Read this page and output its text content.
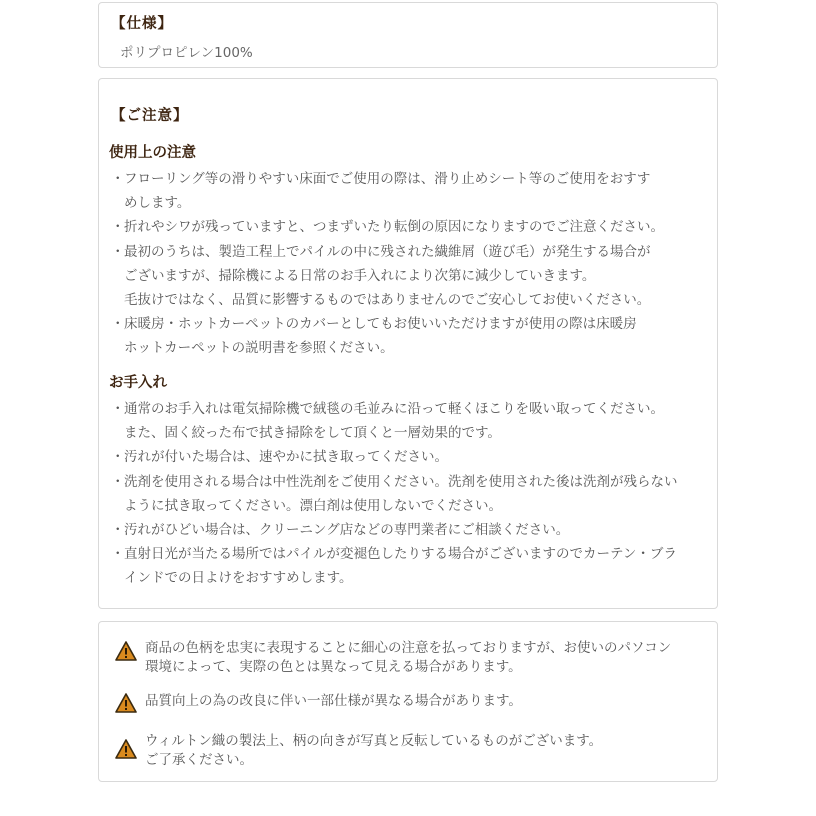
【仕様】
ポリプロピレン100%
【ご注意】
使用上の注意
・ フローリング等の滑りやすい床面でご使用の際は、滑り止めシート等のご使用をおすす
めします。
・ 折れやシワが残っていますと、つまずいたり転倒の原因になりますのでご注意ください。
・ 最初のうちは、製造工程上でパイルの中に残された繊維屑（遊び毛）が発生する場合が
ございますが、掃除機による日常のお手入れにより次第に減少していきます。
毛抜けではなく、品質に影響するものではありませんのでご安心してお使いください。
・ 床暖房・ホットカーペットのカバーとしてもお使いいただけますが使用の際は床暖房
ホットカーペットの説明書を参照ください。
お手入れ
・ 通常のお手入れは電気掃除機で絨毯の毛並みに沿って軽くほこりを吸い取ってください。
また、固く絞った布で拭き掃除をして頂くと一層効果的です。
・ 汚れが付いた場合は、速やかに拭き取ってください。
・ 洗剤を使用される場合は中性洗剤をご使用ください。洗剤を使用された後は洗剤が残らない
ように拭き取ってください。漂白剤は使用しないでください。
・ 汚れがひどい場合は、クリーニング店などの専門業者にご相談ください。
・ 直射日光が当たる場所ではパイルが変褪色したりする場合がございますのでカーテン・ブラ
インドでの日よけをおすすめします。
商品の色柄を忠実に表現することに細心の注意を払っておりますが、お使いのパソコン
環境によって、実際の色とは異なって見える場合があります。
品質向上の為の改良に伴い一部仕様が異なる場合があります。
ウィルトン織の製法上、柄の向きが写真と反転しているものがございます。
ご了承ください。
